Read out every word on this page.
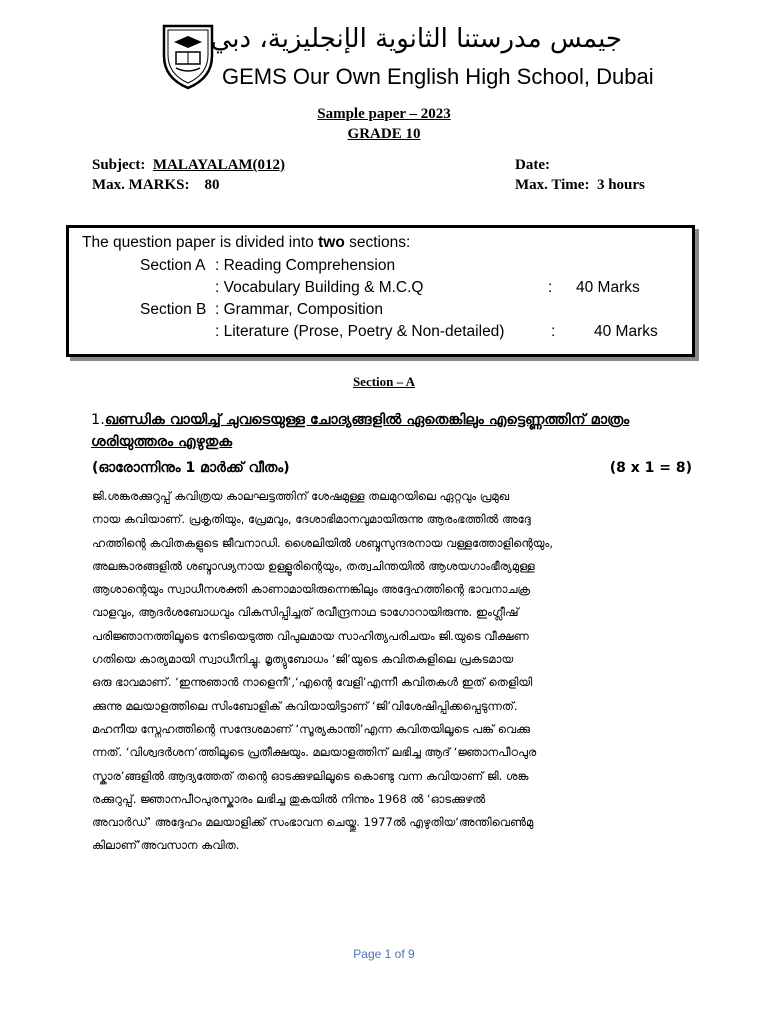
جيمس مدرستنا الثانوية الإنجليزية، دبي
GEMS Our Own English High School, Dubai
Sample paper – 2023
GRADE 10
Subject: MALAYALAM(012)	Date:
Max. MARKS: 80	Max. Time: 3 hours
The question paper is divided into two sections:
Section A : Reading Comprehension
: Vocabulary Building & M.C.Q	: 40 Marks
Section B : Grammar, Composition
: Literature (Prose, Poetry & Non-detailed)	: 40 Marks
Section – A
1.ഖണ്ഡിക വായിച്ച് ചുവടെയുള്ള ചോദ്യങ്ങളിൽ ഏതെങ്കിലും എട്ടെണ്ണത്തിന് മാത്രം ശരിയുത്തരം എഴുതുക
(ഓരോന്നിനും 1 മാർക്ക് വീതം)	(8 x 1 = 8)
ജി.ശങ്കരക്കുറുപ്പ് കവിത്രയ കാലഘട്ടത്തിന് ശേഷമുള്ള തലമുറയിലെ ഏറ്റവും പ്രമുഖ
നായ കവിയാണ്. പ്രകൃതിയും, പ്രേമവും, ദേശാഭിമാനവുമായിരുന്നു ആരംഭത്തിൽ അദ്ദേ
ഹത്തിന്റെ കവിതകളുടെ ജീവനാഡി. ശൈലിയിൽ ശബ്ദസുന്ദരനായ വള്ളത്തോളിന്റെയും,
അലങ്കാരങ്ങളിൽ ശബ്ദാഢ്യനായ ഉള്ളൂരിന്റെയും, തത്വചിന്തയിൽ ആശയഗാംഭീര്യമുള്ള
ആശാന്റെയും സ്വാധീനശക്തി കാണാമായിരുന്നെങ്കിലും അദ്ദേഹത്തിന്റെ ഭാവനാചക്ര
വാളവും, ആദർശബോധവും വികസിപ്പിച്ചത് രവീന്ദ്രനാഥ ടാഗോറായിരുന്നു. ഇംഗ്ലീഷ്
പരിജ്ഞാനത്തിലൂടെ നേടിയെടുത്ത വിപുലമായ സാഹിത്യപരിചയം ജി.യുടെ വീക്ഷണ
ഗതിയെ കാര്യമായി സ്വാധീനിച്ചു. മൃത്യുബോധം ‘ജി’യുടെ കവിതകളിലെ പ്രകടമായ
ഒരു ഭാവമാണ്. ‘ഇന്നുഞാൻ നാളെനീ’,‘എന്റെ വേളി’എന്നീ കവിതകൾ ഇത് തെളിയി
ക്കുന്നു മലയാളത്തിലെ സിംബോളിക് കവിയായിട്ടാണ് ‘ജി’വിശേഷിപ്പിക്കപ്പെടുന്നത്.
മഹനീയ സ്നേഹത്തിന്റെ സന്ദേശമാണ് ‘സൂര്യകാന്തി’എന്ന കവിതയിലൂടെ പങ്ക് വെക്കു
ന്നത്. ‘വിശ്വദർശന’ത്തിലൂടെ പ്രതീക്ഷയും. മലയാളത്തിന് ലഭിച്ച ആദ് ‘ജ്ഞാനപീഠപുര
സ്കാര’ങ്ങളിൽ ആദ്യത്തേത് തന്റെ ഓടക്കുഴലിലൂടെ കൊണ്ടു വന്ന കവിയാണ് ജി. ശങ്ക
രക്കുറുപ്പ്. ജ്ഞാനപീഠപുരസ്കാരം ലഭിച്ച തുകയിൽ നിന്നും 1968 ൽ ‘ഓടക്കുഴൽ
അവാർഡ്’ അദ്ദേഹം മലയാളിക്ക് സംഭാവന ചെയ്തു. 1977ൽ എഴുതിയ‘അന്തിവെൺമു
കിലാണ്’അവസാന കവിത.
Page 1 of 9
